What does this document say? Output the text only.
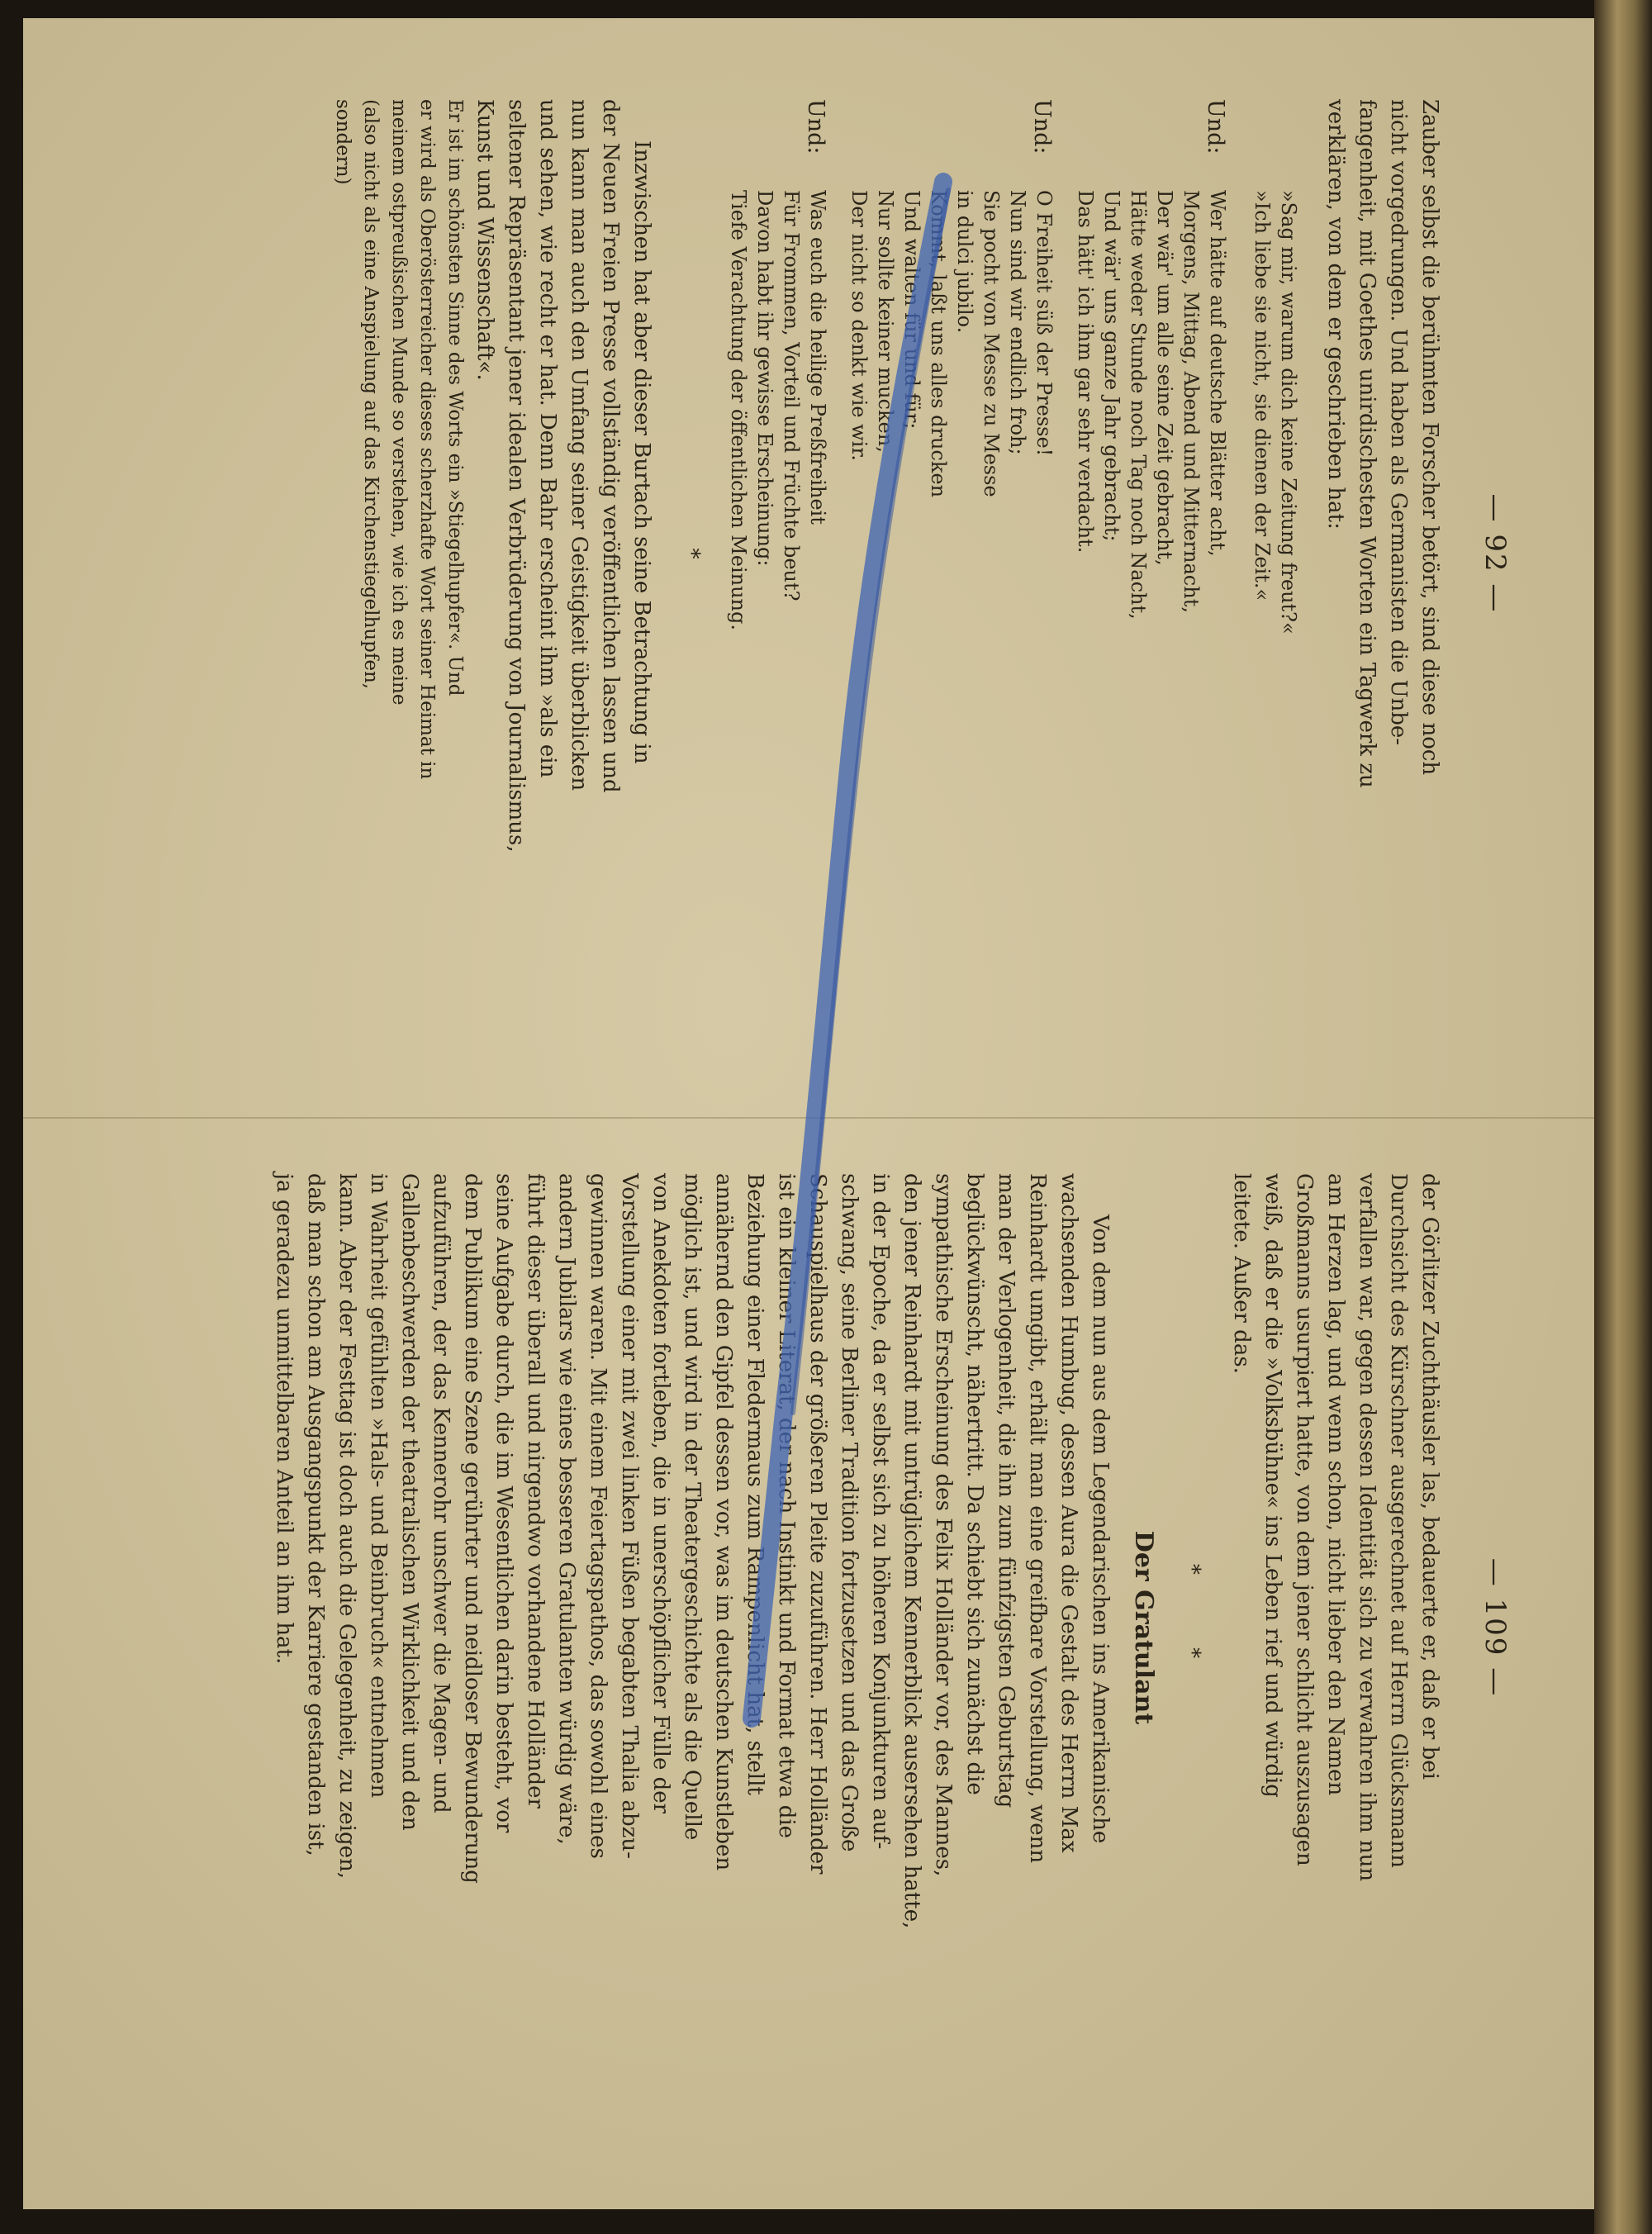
— 92 —

Zauber selbst die berühmten Forscher betört, sind diese noch

nicht vorgedrungen. Und haben als Germanisten die Unbe-

fangenheit, mit Goethes unirdischesten Worten ein Tagwerk zu

verklären, von dem er geschrieben hat:

»Sag mir, warum dich keine Zeitung freut?«
»Ich liebe sie nicht, sie dienen der Zeit.«
Und:
Wer hätte auf deutsche Blätter acht,
Morgens, Mittag, Abend und Mitternacht,
Der wär' um alle seine Zeit gebracht,
Hätte weder Stunde noch Tag noch Nacht,
Und wär' uns ganze Jahr gebracht;
Das hätt' ich ihm gar sehr verdacht.
Und:
O Freiheit süß der Presse!
Nun sind wir endlich froh;
Sie pocht von Messe zu Messe
in dulci jubilo.
Kommt, laßt uns alles drucken
Und walten für und für;
Nur sollte keiner mucken,
Der nicht so denkt wie wir.
Und:
Was euch die heilige Preßfreiheit
Für Frommen, Vorteil und Früchte beut?
Davon habt ihr gewisse Erscheinung:
Tiefe Verachtung der öffentlichen Meinung.
*

Inzwischen hat aber dieser Burtach seine Betrachtung in

der Neuen Freien Presse vollständig veröffentlichen lassen und

nun kann man auch den Umfang seiner Geistigkeit überblicken

und sehen, wie recht er hat. Denn Bahr erscheint ihm »als ein

seltener Repräsentant jener idealen Verbrüderung von Journalismus,

Kunst und Wissenschaft«.

Er ist im schönsten Sinne des Worts ein »Stiegelhupfer«. Und

er wird als Oberösterreicher dieses scherzhafte Wort seiner Heimat in

meinem ostpreußischen Munde so verstehen, wie ich es meine

(also nicht als eine Anspielung auf das Kirchenstiegelhupfen,

sondern)

— 109 —

der Görlitzer Zuchthäusler las, bedauerte er, daß er bei

Durchsicht des Kürschner ausgerechnet auf Herrn Glücksmann

verfallen war, gegen dessen Identität sich zu verwahren ihm nun

am Herzen lag, und wenn schon, nicht lieber den Namen

Großmanns usurpiert hatte, von dem jener schlicht auszusagen

weiß, daß er die »Volksbühne« ins Leben rief und würdig

leitete. Außer das.

* *
Der Gratulant

Von dem nun aus dem Legendarischen ins Amerikanische

wachsenden Humbug, dessen Aura die Gestalt des Herrn Max

Reinhardt umgibt, erhält man eine greifbare Vorstellung, wenn

man der Verlogenheit, die ihn zum fünfzigsten Geburtstag

beglückwünscht, nähertritt. Da schiebt sich zunächst die

sympathische Erscheinung des Felix Holländer vor, des Mannes,

den jener Reinhardt mit untrüglichem Kennerblick ausersehen hatte,

in der Epoche, da er selbst sich zu höheren Konjunkturen auf-

schwang, seine Berliner Tradition fortzusetzen und das Große

Schauspielhaus der größeren Pleite zuzuführen. Herr Holländer

ist ein kleiner Literat, der nach Instinkt und Format etwa die

Beziehung einer Fledermaus zum Rampenlicht hat, stellt

annähernd den Gipfel dessen vor, was im deutschen Kunstleben

möglich ist, und wird in der Theatergeschichte als die Quelle

von Anekdoten fortleben, die in unerschöpflicher Fülle der

Vorstellung einer mit zwei linken Füßen begabten Thalia abzu-

gewinnen waren. Mit einem Feiertagspathos, das sowohl eines

andern Jubilars wie eines besseren Gratulanten würdig wäre,

führt dieser überall und nirgendwo vorhandene Holländer

seine Aufgabe durch, die im Wesentlichen darin besteht, vor

dem Publikum eine Szene gerührter und neidloser Bewunderung

aufzuführen, der das Kennerohr unschwer die Magen- und

Gallenbeschwerden der theatralischen Wirklichkeit und den

in Wahrheit gefühlten »Hals- und Beinbruch« entnehmen

kann. Aber der Festtag ist doch auch die Gelegenheit, zu zeigen,

daß man schon am Ausgangspunkt der Karriere gestanden ist,

ja geradezu unmittelbaren Anteil an ihm hat.
